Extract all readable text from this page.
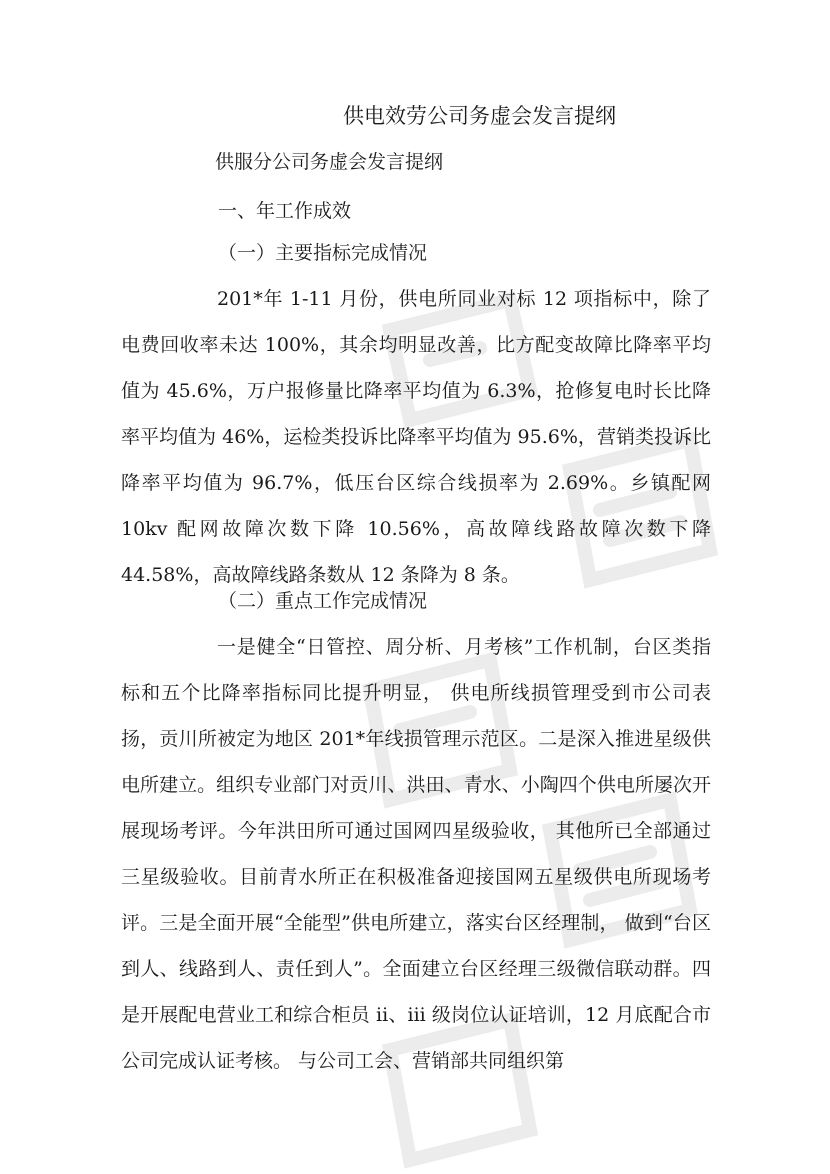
供电效劳公司务虚会发言提纲
供服分公司务虚会发言提纲
一、年工作成效
（一）主要指标完成情况
201*年 1-11 月份，供电所同业对标 12 项指标中，除了电费回收率未达 100%，其余均明显改善，比方配变故障比降率平均值为 45.6%，万户报修量比降率平均值为 6.3%，抢修复电时长比降率平均值为 46%，运检类投诉比降率平均值为 95.6%，营销类投诉比降率平均值为 96.7%，低压台区综合线损率为 2.69%。乡镇配网 10kv 配网故障次数下降 10.56%，高故障线路故障次数下降 44.58%，高故障线路条数从 12 条降为 8 条。
（二）重点工作完成情况
一是健全“日管控、周分析、月考核”工作机制，台区类指标和五个比降率指标同比提升明显， 供电所线损管理受到市公司表扬，贡川所被定为地区 201*年线损管理示范区。二是深入推进星级供电所建立。组织专业部门对贡川、洪田、青水、小陶四个供电所屡次开展现场考评。今年洪田所可通过国网四星级验收， 其他所已全部通过三星级验收。目前青水所正在积极准备迎接国网五星级供电所现场考评。三是全面开展“全能型”供电所建立，落实台区经理制， 做到“台区到人、线路到人、责任到人”。全面建立台区经理三级微信联动群。四是开展配电营业工和综合柜员 ii、iii 级岗位认证培训，12 月底配合市公司完成认证考核。 与公司工会、营销部共同组织第
